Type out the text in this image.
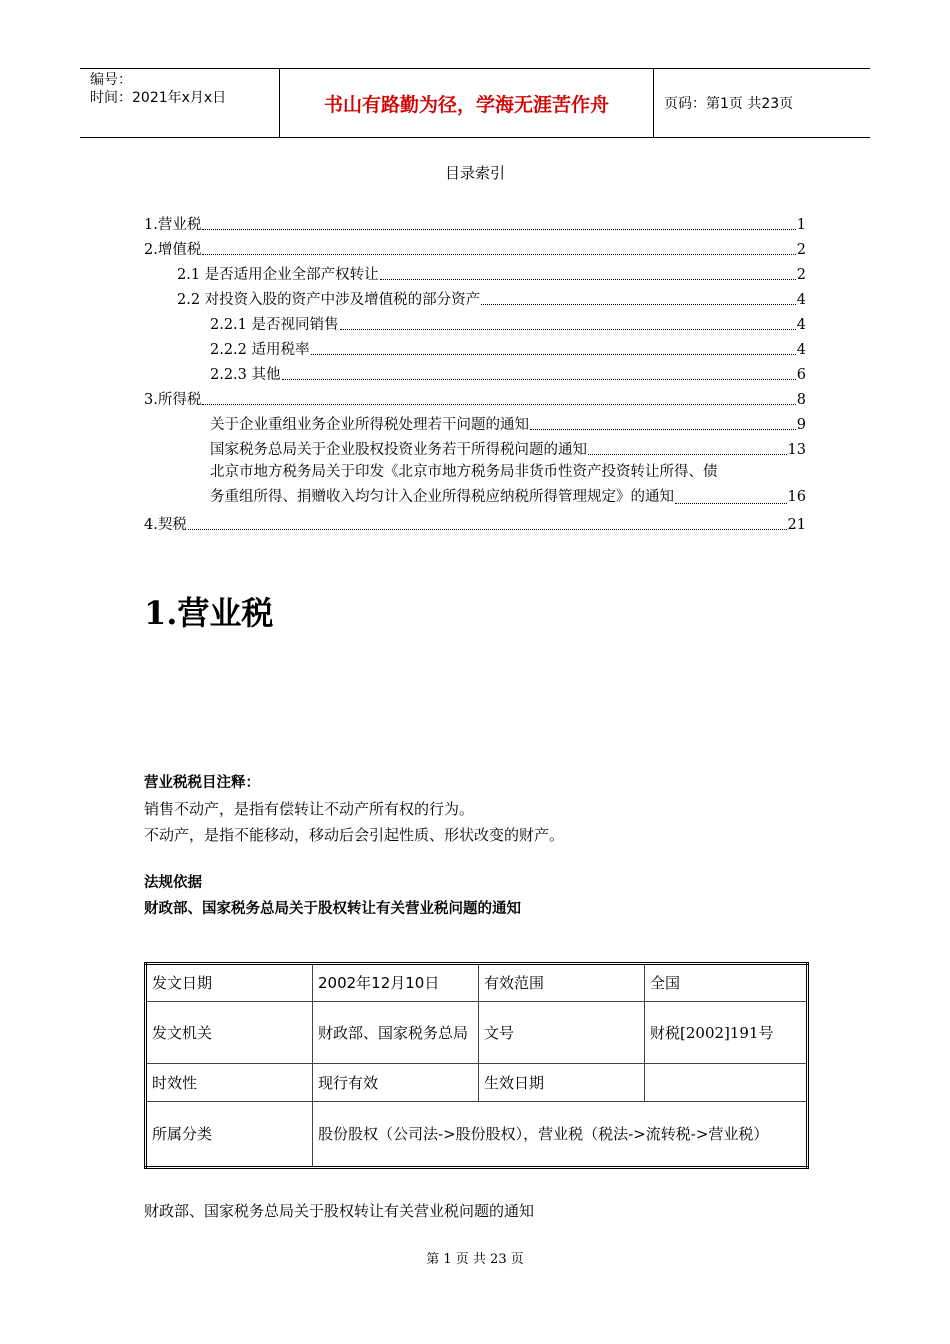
编号：
时间：2021年x月x日	书山有路勤为径，学海无涯苦作舟	页码：第1页 共23页
目录索引
1.营业税	1
2.增值税	2
2.1 是否适用企业全部产权转让	2
2.2 对投资入股的资产中涉及增值税的部分资产	4
2.2.1 是否视同销售	4
2.2.2 适用税率	4
2.2.3 其他	6
3.所得税	8
关于企业重组业务企业所得税处理若干问题的通知	9
国家税务总局关于企业股权投资业务若干所得税问题的通知	13
北京市地方税务局关于印发《北京市地方税务局非货币性资产投资转让所得、债
务重组所得、捐赠收入均匀计入企业所得税应纳税所得管理规定》的通知	16
4.契税	21
1.营业税
营业税税目注释：
销售不动产，是指有偿转让不动产所有权的行为。
不动产，是指不能移动，移动后会引起性质、形状改变的财产。
法规依据
财政部、国家税务总局关于股权转让有关营业税问题的通知
发文日期	2002年12月10日	有效范围	全国
发文机关	财政部、国家税务总局	文号	财税[2002]191号
时效性	现行有效	生效日期	
所属分类	股份股权（公司法->股份股权），营业税（税法->流转税->营业税）		
财政部、国家税务总局关于股权转让有关营业税问题的通知
第 1 页 共 23 页
